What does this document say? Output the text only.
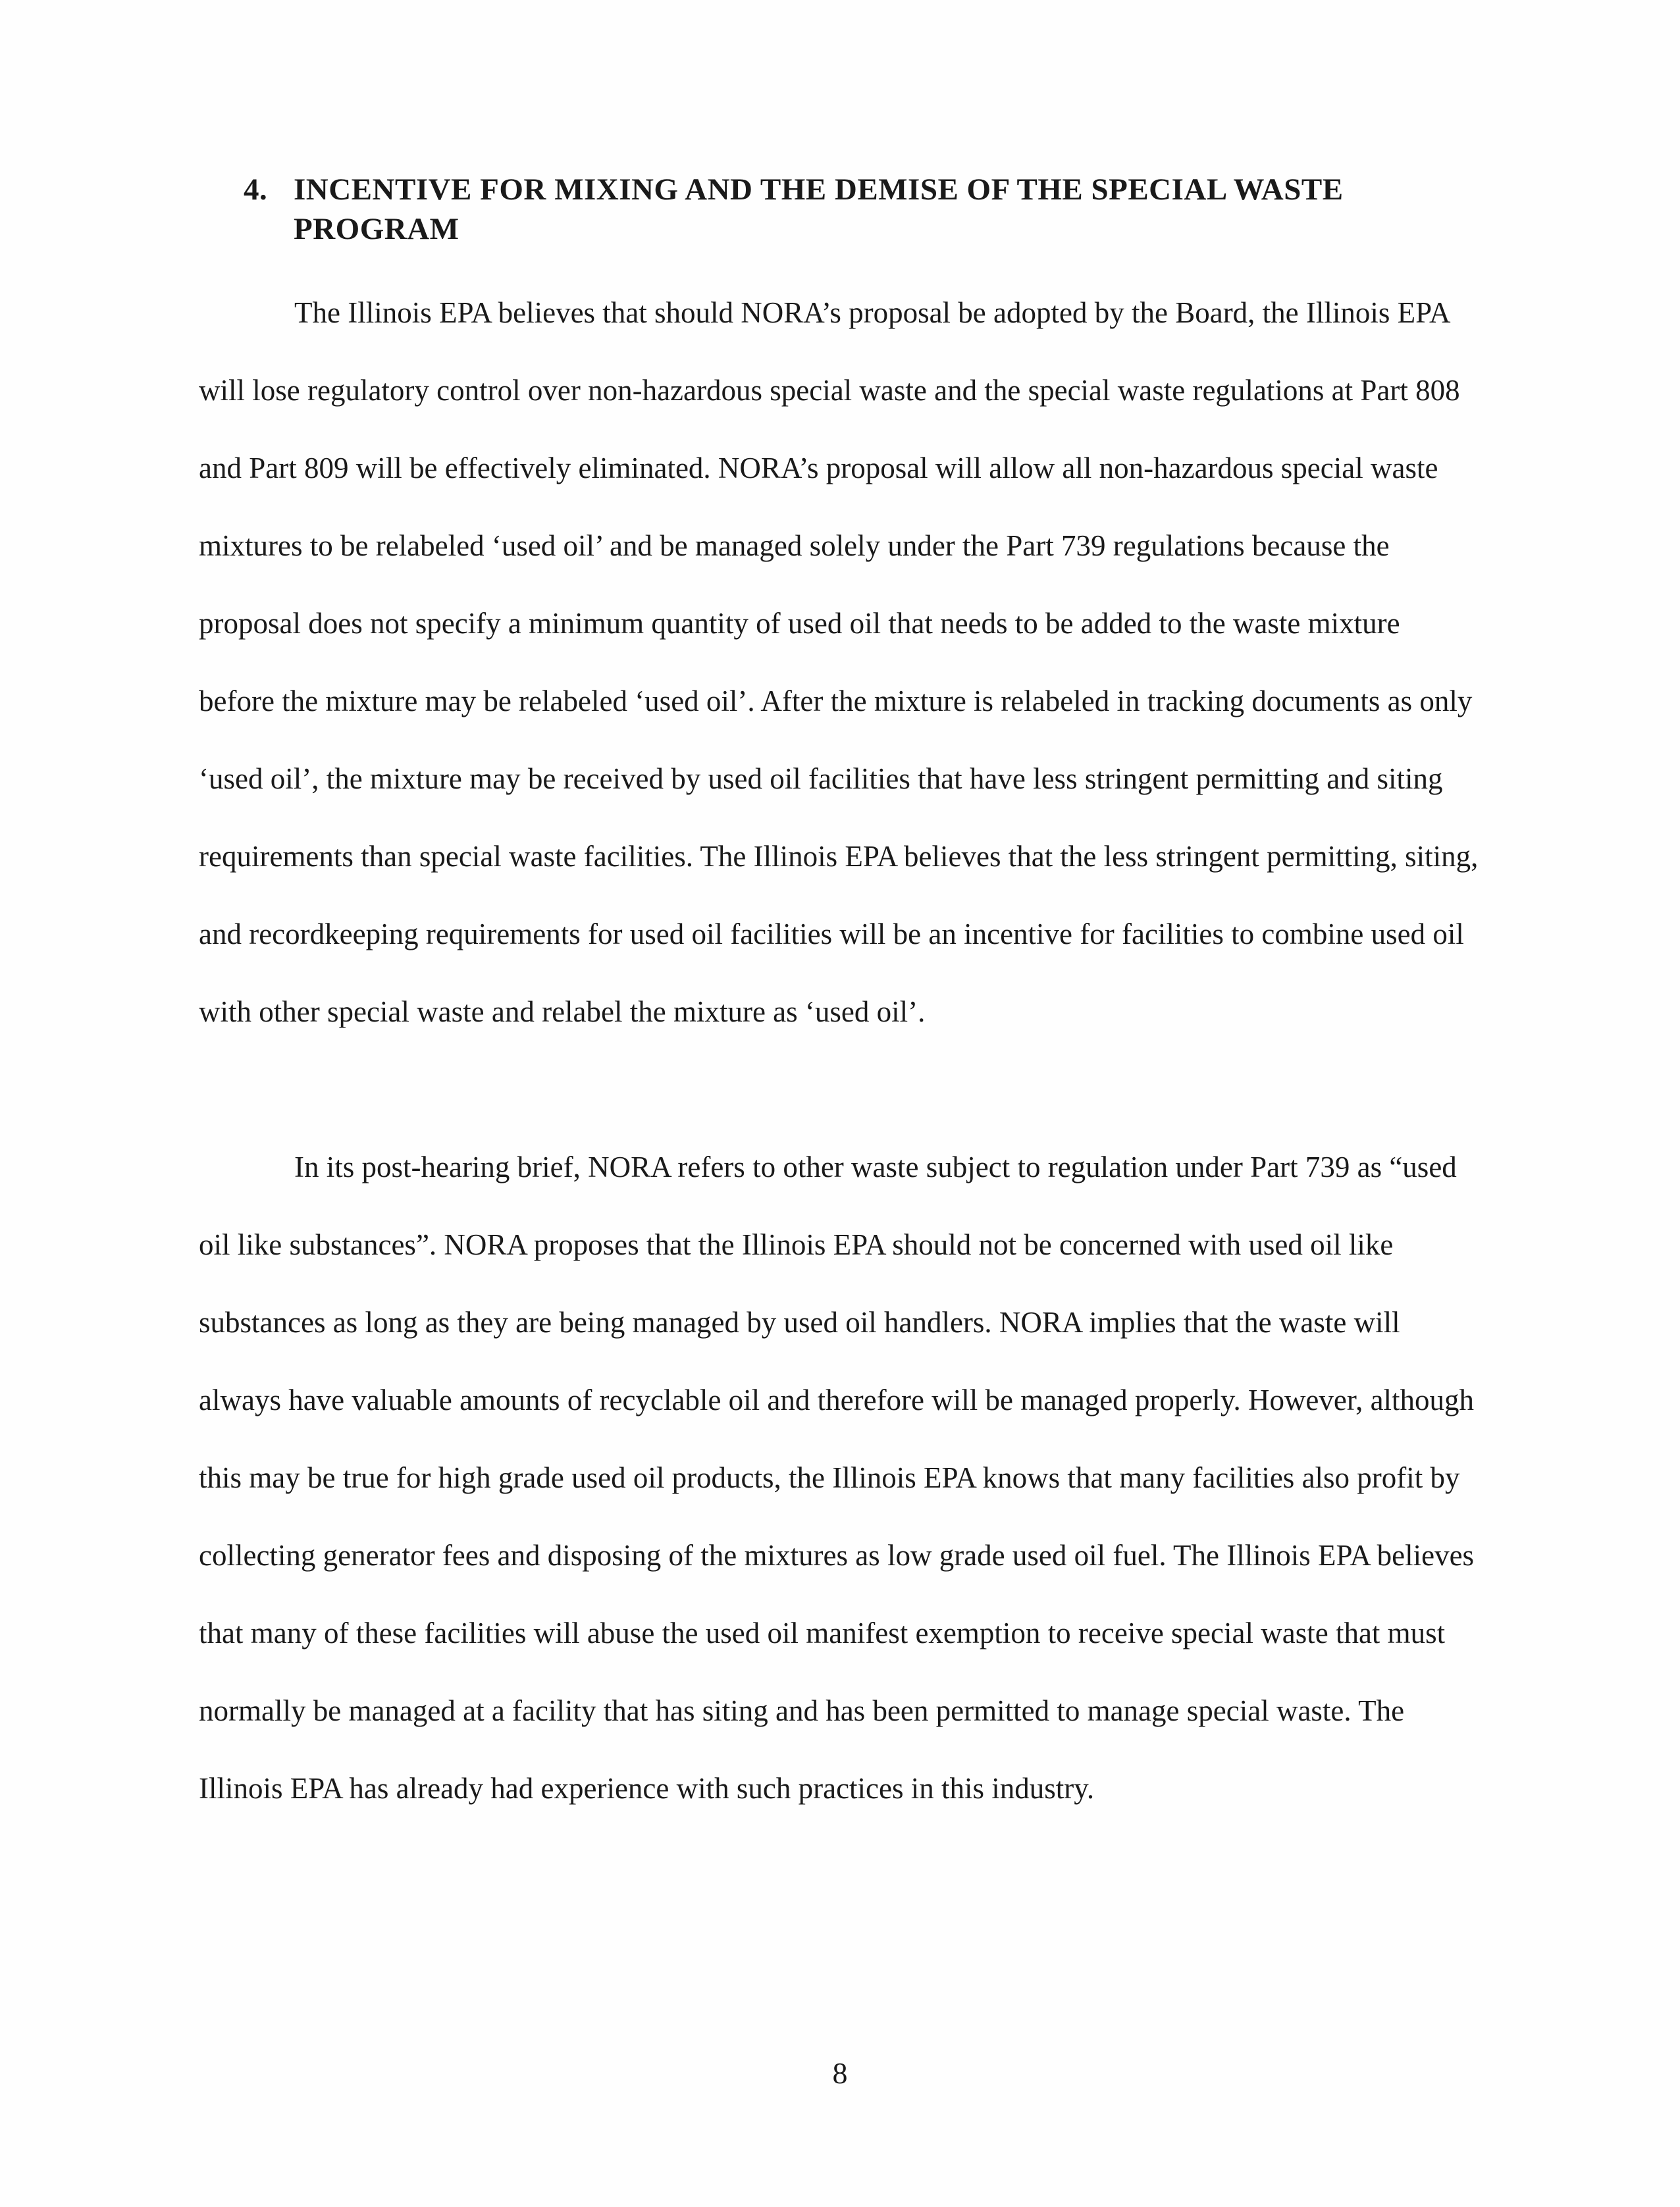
4. INCENTIVE FOR MIXING AND THE DEMISE OF THE SPECIAL WASTE PROGRAM

The Illinois EPA believes that should NORA’s proposal be adopted by the Board, the Illinois EPA will lose regulatory control over non-hazardous special waste and the special waste regulations at Part 808 and Part 809 will be effectively eliminated. NORA’s proposal will allow all non-hazardous special waste mixtures to be relabeled ‘used oil’ and be managed solely under the Part 739 regulations because the proposal does not specify a minimum quantity of used oil that needs to be added to the waste mixture before the mixture may be relabeled ‘used oil’. After the mixture is relabeled in tracking documents as only ‘used oil’, the mixture may be received by used oil facilities that have less stringent permitting and siting requirements than special waste facilities. The Illinois EPA believes that the less stringent permitting, siting, and recordkeeping requirements for used oil facilities will be an incentive for facilities to combine used oil with other special waste and relabel the mixture as ‘used oil’.

In its post-hearing brief, NORA refers to other waste subject to regulation under Part 739 as “used oil like substances”. NORA proposes that the Illinois EPA should not be concerned with used oil like substances as long as they are being managed by used oil handlers. NORA implies that the waste will always have valuable amounts of recyclable oil and therefore will be managed properly. However, although this may be true for high grade used oil products, the Illinois EPA knows that many facilities also profit by collecting generator fees and disposing of the mixtures as low grade used oil fuel. The Illinois EPA believes that many of these facilities will abuse the used oil manifest exemption to receive special waste that must normally be managed at a facility that has siting and has been permitted to manage special waste. The Illinois EPA has already had experience with such practices in this industry.

8
